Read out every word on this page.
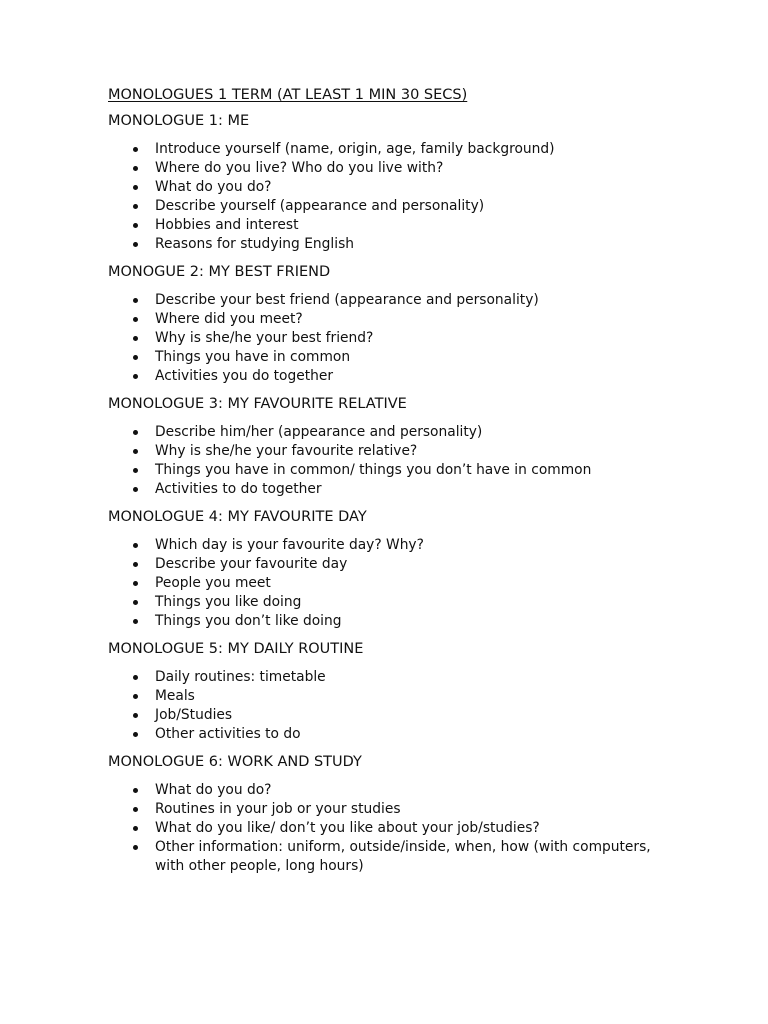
MONOLOGUES 1 TERM (AT LEAST 1 MIN 30 SECS)
MONOLOGUE 1: ME
Introduce yourself (name, origin, age, family background)
Where do you live? Who do you live with?
What do you do?
Describe yourself (appearance and personality)
Hobbies and interest
Reasons for studying English
MONOGUE 2: MY BEST FRIEND
Describe your best friend (appearance and personality)
Where did you meet?
Why is she/he your best friend?
Things you have in common
Activities you do together
MONOLOGUE 3: MY FAVOURITE RELATIVE
Describe him/her (appearance and personality)
Why is she/he your favourite relative?
Things you have in common/ things you don’t have in common
Activities to do together
MONOLOGUE 4: MY FAVOURITE DAY
Which day is your favourite day? Why?
Describe your favourite day
People you meet
Things you like doing
Things you don’t like doing
MONOLOGUE 5: MY DAILY ROUTINE
Daily routines: timetable
Meals
Job/Studies
Other activities to do
MONOLOGUE 6: WORK AND STUDY
What do you do?
Routines in your job or your studies
What do you like/ don’t you like about your job/studies?
Other information: uniform, outside/inside, when, how (with computers, with other people, long hours)
